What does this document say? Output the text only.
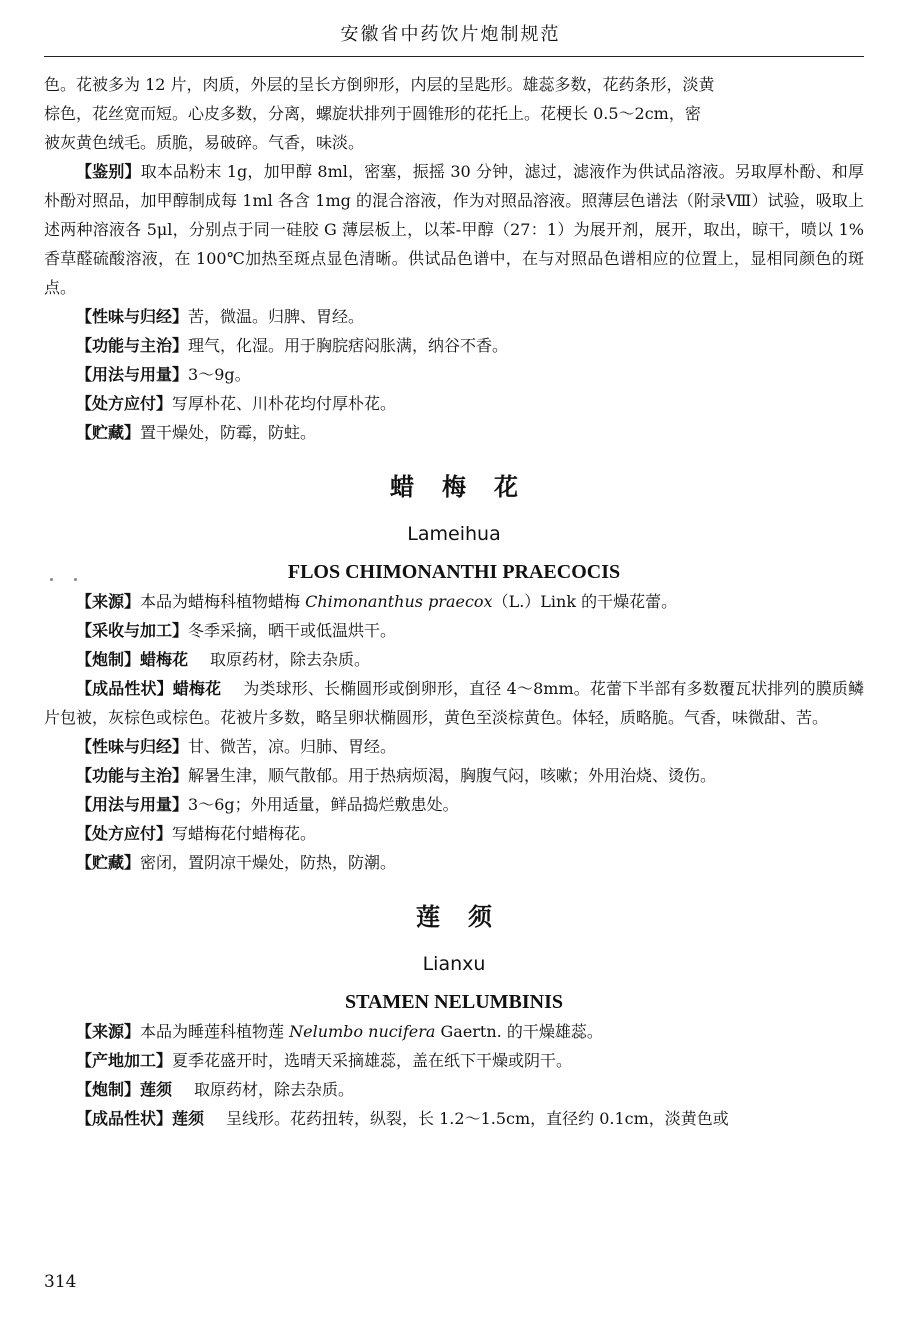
安徽省中药饮片炮制规范

色。花被多为 12 片，肉质，外层的呈长方倒卵形，内层的呈匙形。雄蕊多数，花药条形，淡黄

棕色，花丝宽而短。心皮多数，分离，螺旋状排列于圆锥形的花托上。花梗长 0.5～2cm，密

被灰黄色绒毛。质脆，易破碎。气香，味淡。

【鉴别】取本品粉末 1g，加甲醇 8ml，密塞，振摇 30 分钟，滤过，滤液作为供试品溶液。另取厚朴酚、和厚朴酚对照品，加甲醇制成每 1ml 各含 1mg 的混合溶液，作为对照品溶液。照薄层色谱法（附录Ⅷ）试验，吸取上述两种溶液各 5μl，分别点于同一硅胶 G 薄层板上，以苯-甲醇（27：1）为展开剂，展开，取出，晾干，喷以 1%香草醛硫酸溶液，在 100℃加热至斑点显色清晰。供试品色谱中，在与对照品色谱相应的位置上，显相同颜色的斑点。

【性味与归经】苦，微温。归脾、胃经。

【功能与主治】理气，化湿。用于胸脘痞闷胀满，纳谷不香。

【用法与用量】3～9g。

【处方应付】写厚朴花、川朴花均付厚朴花。

【贮藏】置干燥处，防霉，防蛀。

蜡梅花
Lameihua
FLOS CHIMONANTHI PRAECOCIS

【来源】本品为蜡梅科植物蜡梅 Chimonanthus praecox（L.）Link 的干燥花蕾。

【采收与加工】冬季采摘，晒干或低温烘干。

【炮制】蜡梅花 取原药材，除去杂质。

【成品性状】蜡梅花 为类球形、长椭圆形或倒卵形，直径 4～8mm。花蕾下半部有多数覆瓦状排列的膜质鳞片包被，灰棕色或棕色。花被片多数，略呈卵状椭圆形，黄色至淡棕黄色。体轻，质略脆。气香，味微甜、苦。

【性味与归经】甘、微苦，凉。归肺、胃经。

【功能与主治】解暑生津，顺气散郁。用于热病烦渴，胸腹气闷，咳嗽；外用治烧、烫伤。

【用法与用量】3～6g；外用适量，鲜品捣烂敷患处。

【处方应付】写蜡梅花付蜡梅花。

【贮藏】密闭，置阴凉干燥处，防热，防潮。

莲须
Lianxu
STAMEN NELUMBINIS

【来源】本品为睡莲科植物莲 Nelumbo nucifera Gaertn. 的干燥雄蕊。

【产地加工】夏季花盛开时，选晴天采摘雄蕊，盖在纸下干燥或阴干。

【炮制】莲须 取原药材，除去杂质。

【成品性状】莲须 呈线形。花药扭转，纵裂，长 1.2～1.5cm，直径约 0.1cm，淡黄色或

314
